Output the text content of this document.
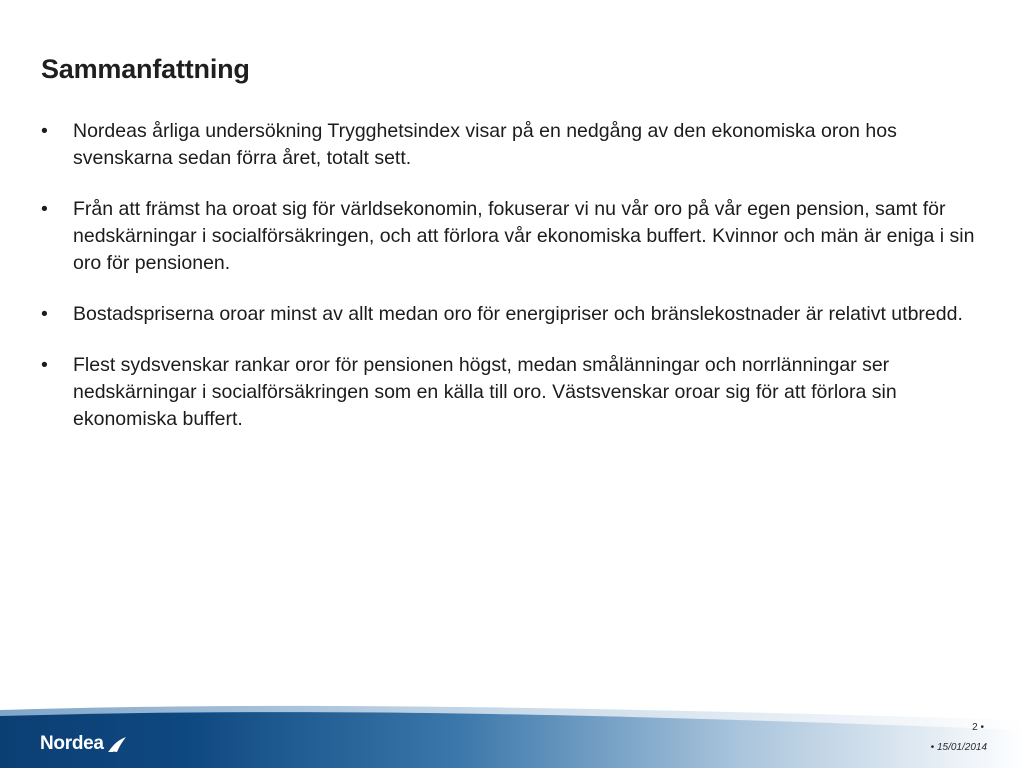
Sammanfattning
• Nordeas årliga undersökning Trygghetsindex visar på en nedgång av den ekonomiska oron hos svenskarna sedan förra året, totalt sett.
• Från att främst ha oroat sig för världsekonomin, fokuserar vi nu vår oro på vår egen pension, samt för nedskärningar i socialförsäkringen, och att förlora vår ekonomiska buffert. Kvinnor och män är eniga i sin oro för pensionen.
• Bostadspriserna oroar minst av allt medan oro för energipriser och bränslekostnader är relativt utbredd.
• Flest sydsvenskar rankar oror för pensionen högst, medan smålänningar och norrlänningar ser nedskärningar i socialförsäkringen som en källa till oro. Västsvenskar oroar sig för att förlora sin ekonomiska buffert.
Nordea
2 •
• 15/01/2014
